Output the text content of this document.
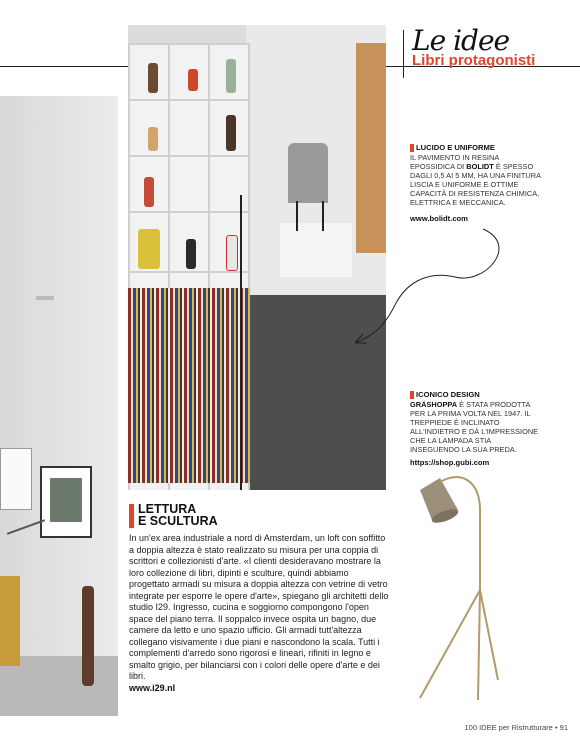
Le idee
Libri protagonisti
LUCIDO E UNIFORME
IL PAVIMENTO IN RESINA EPOSSIDICA DI BOLIDT È SPESSO DAGLI 0,5 AI 5 MM, HA UNA FINITURA LISCIA E UNIFORME E OTTIME CAPACITÀ DI RESISTENZA CHIMICA, ELETTRICA E MECCANICA.
www.bolidt.com
ICONICO DESIGN
GRÄSHOPPA È STATA PRODOTTA PER LA PRIMA VOLTA NEL 1947. IL TREPPIEDE È INCLINATO ALL'INDIETRO E DÀ L'IMPRESSIONE CHE LA LAMPADA STIA INSEGUENDO LA SUA PREDA.
https://shop.gubi.com
LETTURA
E SCULTURA
In un'ex area industriale a nord di Amsterdam, un loft con soffitto a doppia altezza è stato realizzato su misura per una coppia di scrittori e collezionisti d'arte. «I clienti desideravano mostrare la loro collezione di libri, dipinti e sculture, quindi abbiamo progettato armadi su misura a doppia altezza con vetrine di vetro integrate per esporre le opere d'arte», spiegano gli architetti dello studio I29. Ingresso, cucina e soggiorno compongono l'open space del piano terra. Il soppalco invece ospita un bagno, due camere da letto e uno spazio ufficio. Gli armadi tutt'altezza collegano visivamente i due piani e nascondono la scala. Tutti i complementi d'arredo sono rigorosi e lineari, rifiniti in legno e smalto grigio, per bilanciarsi con i colori delle opere d'arte e dei libri.
www.i29.nl
100 IDEE per Ristrutturare • 91
